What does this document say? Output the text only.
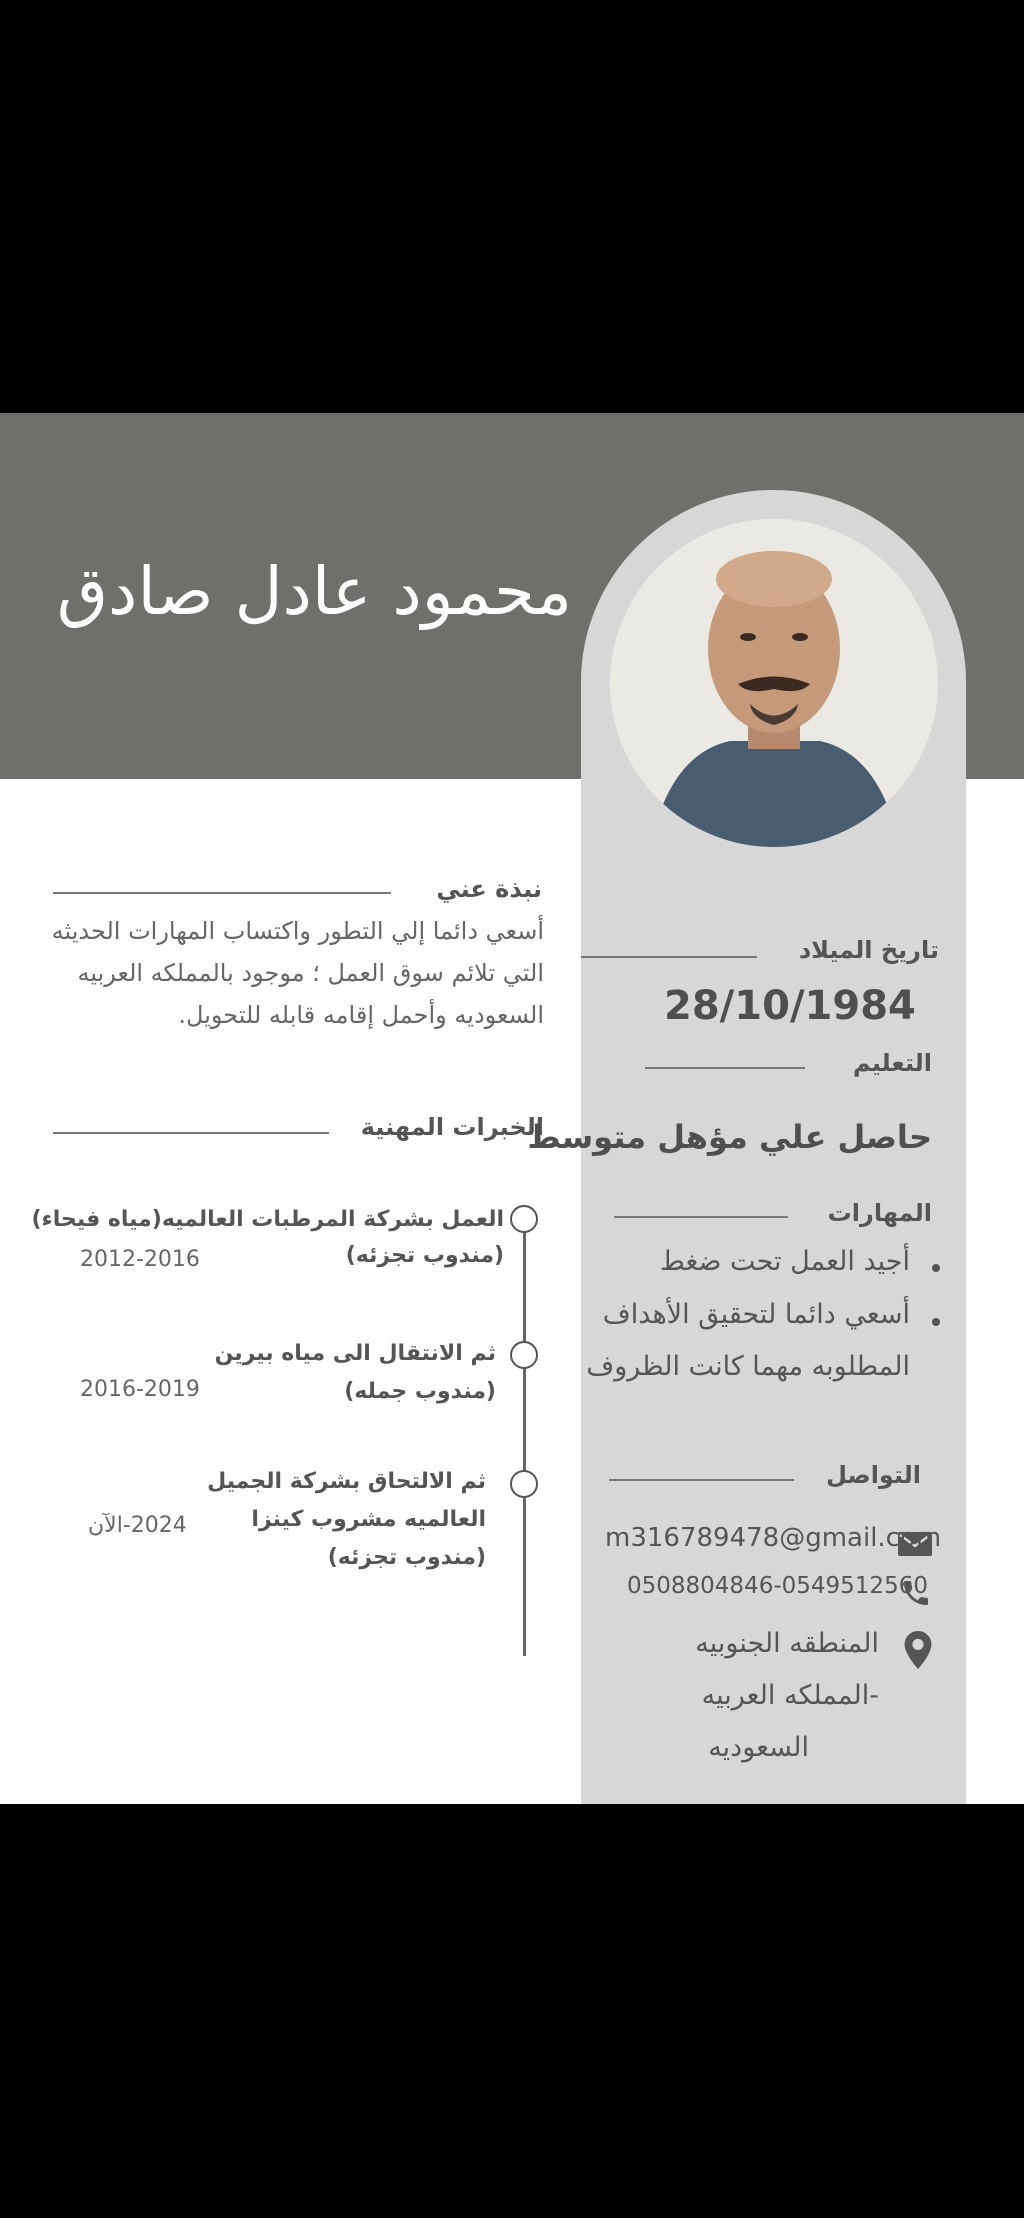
محمود عادل صادق
نبذة عني
أسعي دائما إلي التطور واكتساب المهارات الحديثه
التي تلائم سوق العمل ؛ موجود بالمملكه العربيه
السعوديه وأحمل إقامه قابله للتحويل.
الخبرات المهنية
العمل بشركة المرطبات العالميه(مياه فيحاء)
(مندوب تجزئه)
2012-2016
ثم الانتقال الى مياه بيرين
(مندوب جمله)
2016-2019
ثم الالتحاق بشركة الجميل
العالميه مشروب كينزا
(مندوب تجزئه)
2024-الآن
تاريخ الميلاد
28/10/1984
التعليم
حاصل علي مؤهل متوسط
المهارات
أجيد العمل تحت ضغط
أسعي دائما لتحقيق الأهداف
المطلوبه مهما كانت الظروف
التواصل
m316789478@gmail.com
0508804846-0549512560
المنطقه الجنوبيه
-المملكه العربيه
السعوديه
